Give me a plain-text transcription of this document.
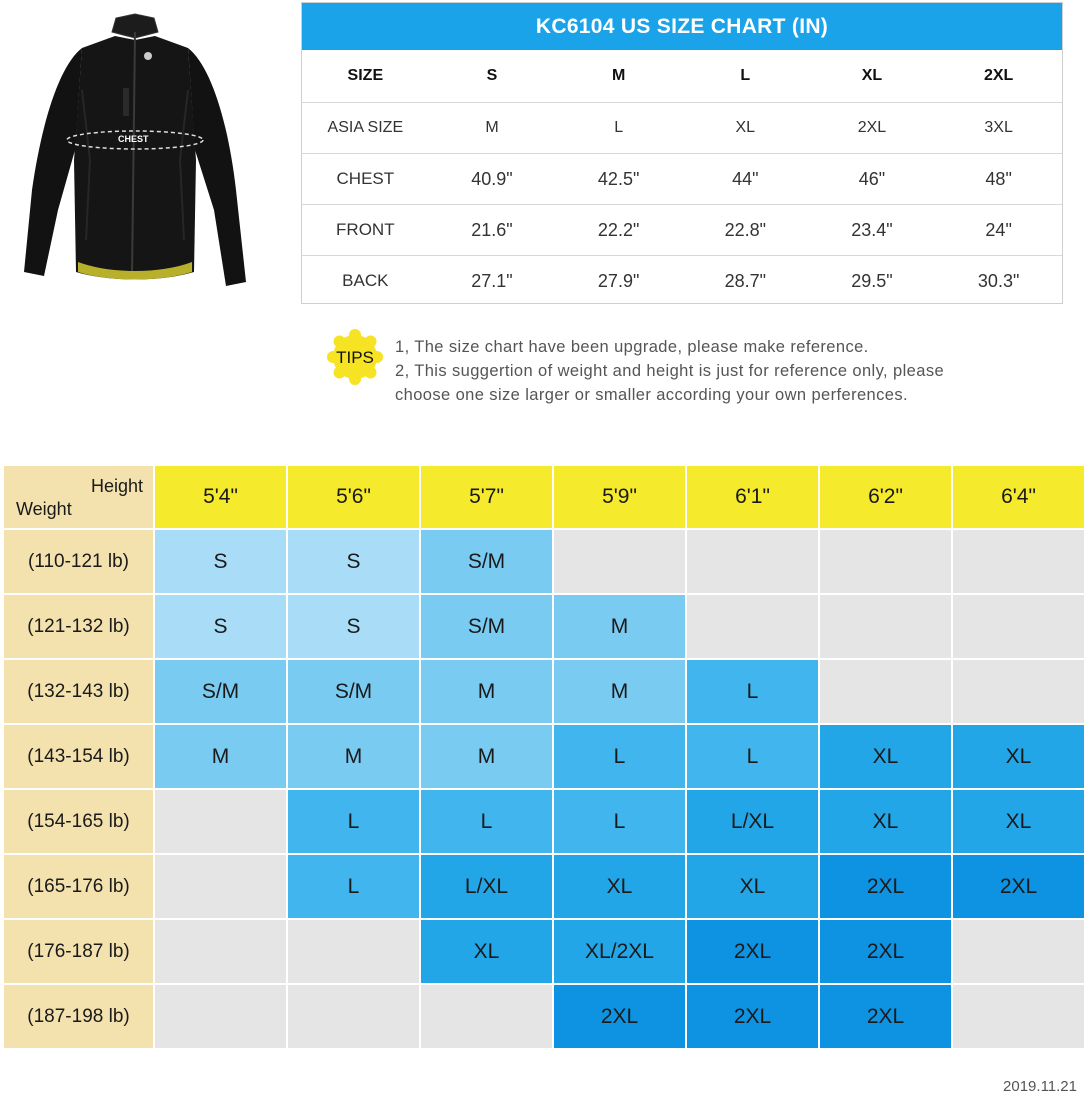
CHEST
KC6104 US SIZE CHART (IN)
SIZE	S	M	L	XL	2XL
ASIA SIZE	M	L	XL	2XL	3XL
CHEST	40.9"	42.5"	44"	46"	48"
FRONT	21.6"	22.2"	22.8"	23.4"	24"
BACK	27.1"	27.9"	28.7"	29.5"	30.3"
TIPS
1, The size chart have been upgrade, please make reference.
2, This suggertion of weight and height is just for reference only, please
choose one size larger or smaller according your own perferences.
Height
Weight	5'4"	5'6"	5'7"	5'9"	6'1"	6'2"	6'4"
(110-121 lb)	S	S	S/M				
(121-132 lb)	S	S	S/M	M			
(132-143 lb)	S/M	S/M	M	M	L		
(143-154 lb)	M	M	M	L	L	XL	XL
(154-165 lb)		L	L	L	L/XL	XL	XL
(165-176 lb)		L	L/XL	XL	XL	2XL	2XL
(176-187 lb)			XL	XL/2XL	2XL	2XL	
(187-198 lb)				2XL	2XL	2XL	
2019.11.21
